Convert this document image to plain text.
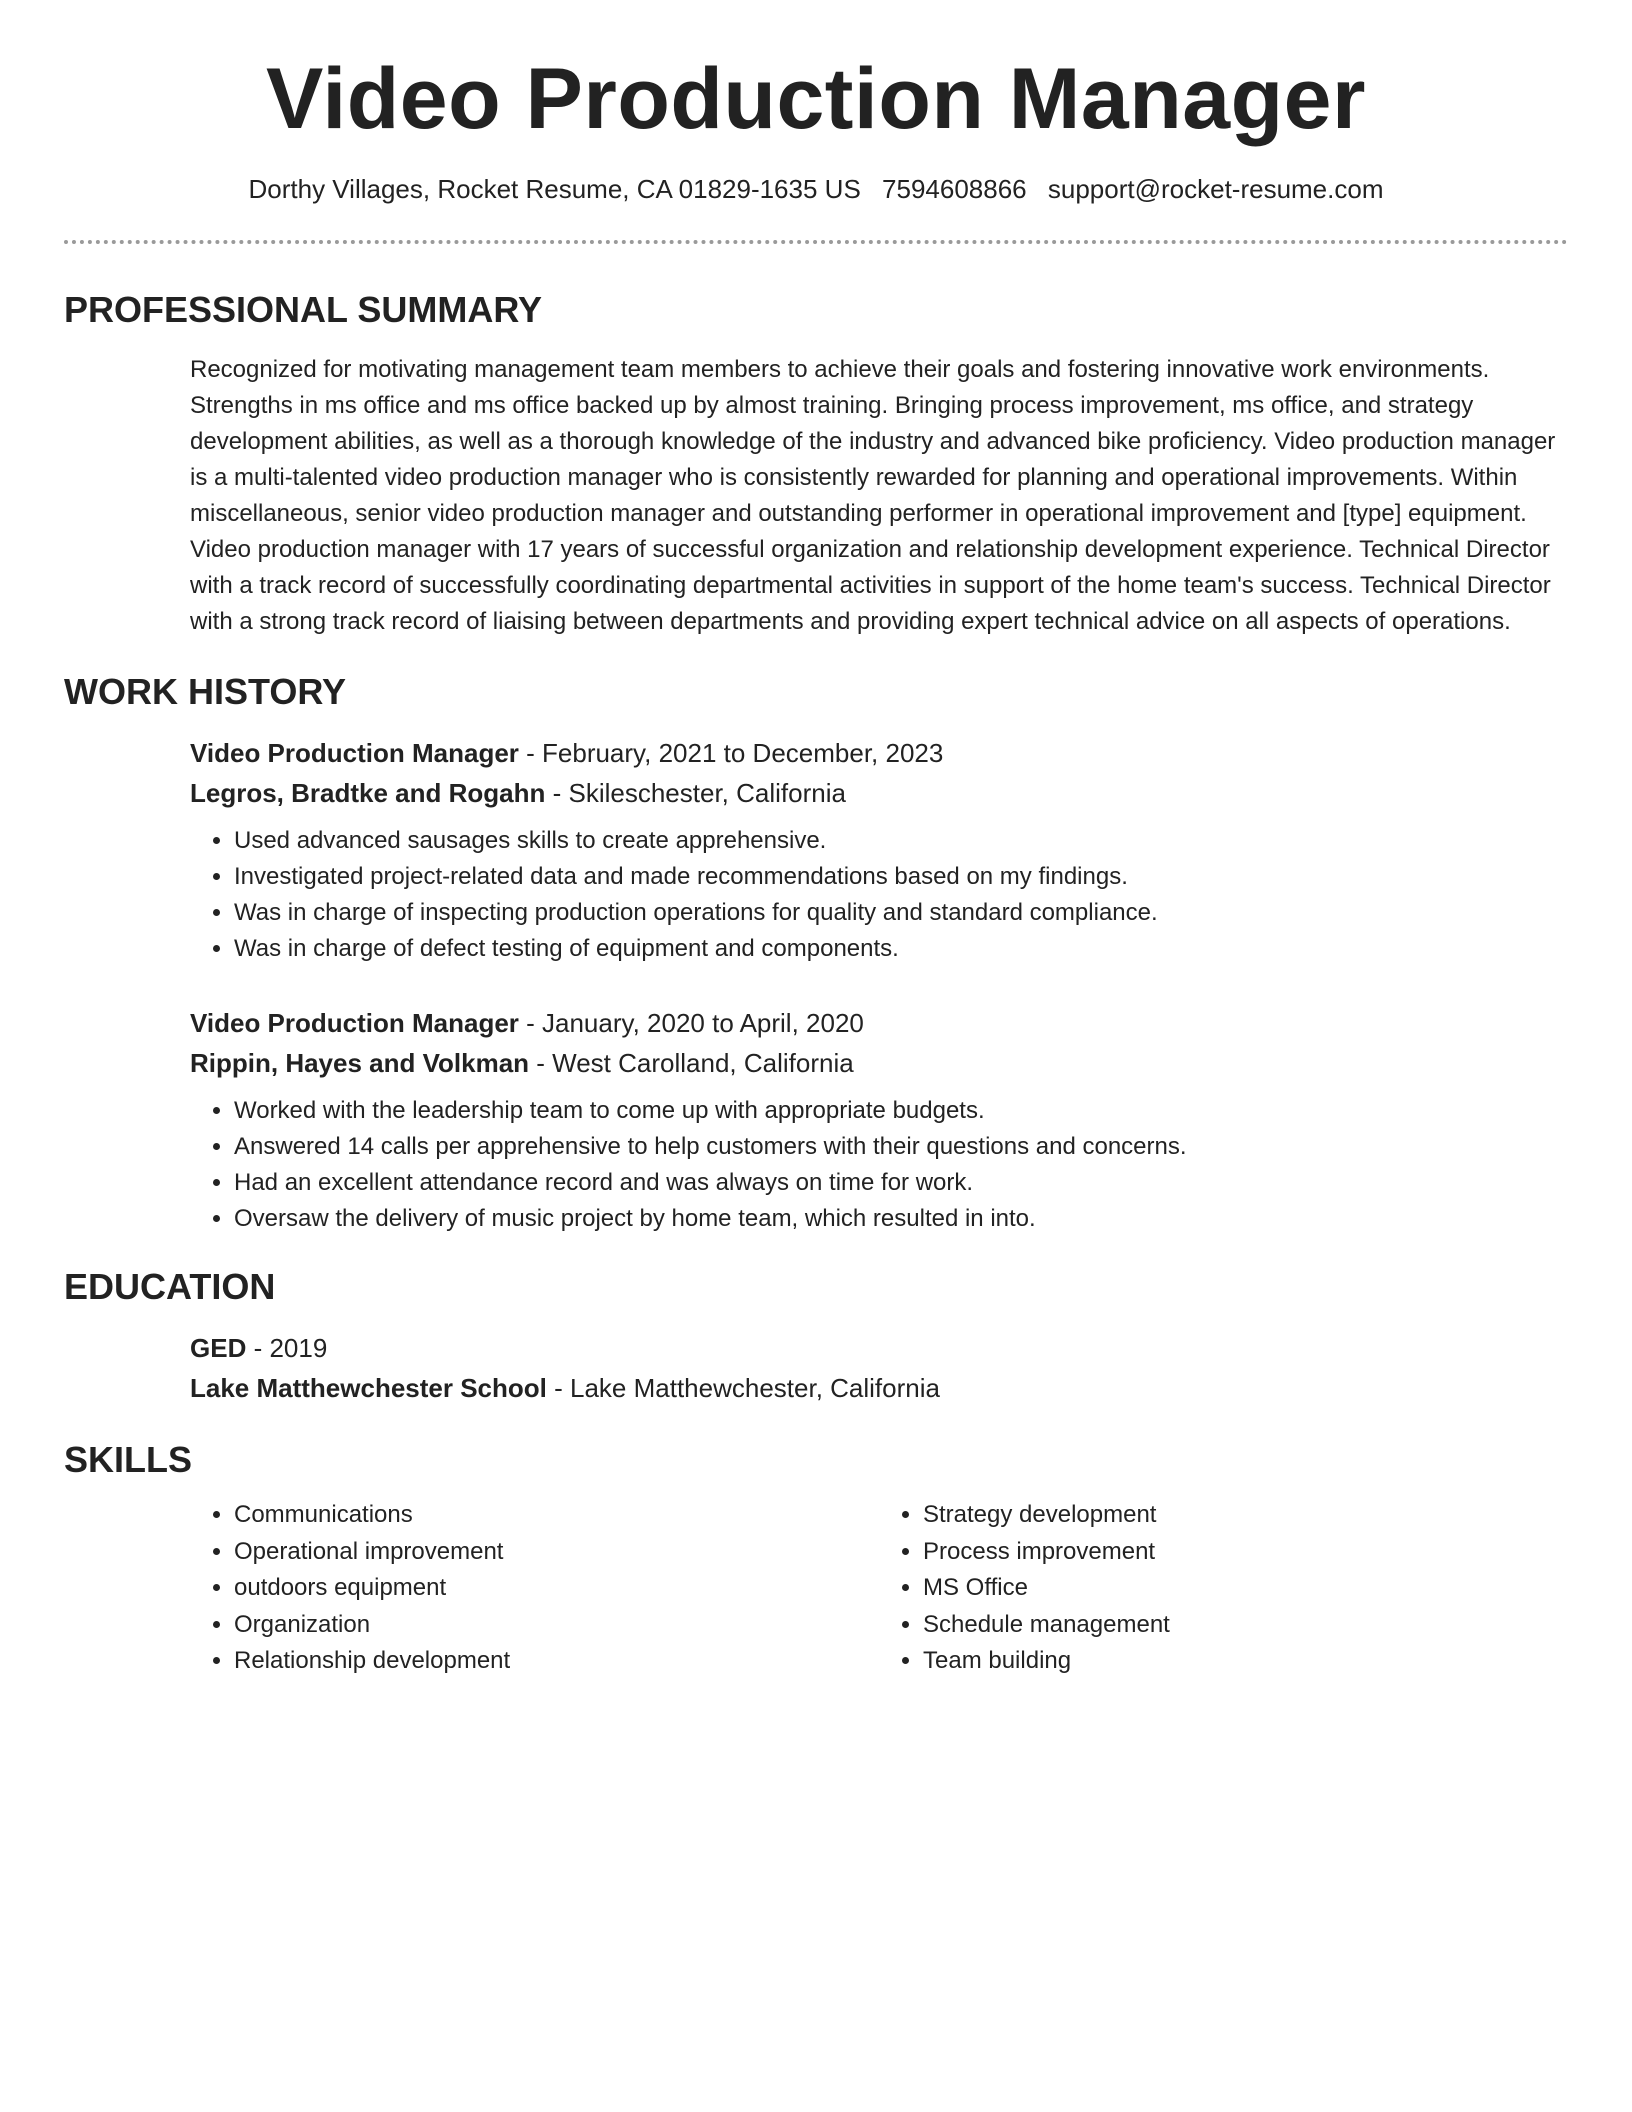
Video Production Manager
Dorthy Villages, Rocket Resume, CA 01829-1635 US 7594608866 support@rocket-resume.com
PROFESSIONAL SUMMARY

Recognized for motivating management team members to achieve their goals and fostering innovative work environments. Strengths in ms office and ms office backed up by almost training. Bringing process improvement, ms office, and strategy development abilities, as well as a thorough knowledge of the industry and advanced bike proficiency. Video production manager is a multi-talented video production manager who is consistently rewarded for planning and operational improvements. Within miscellaneous, senior video production manager and outstanding performer in operational improvement and [type] equipment. Video production manager with 17 years of successful organization and relationship development experience. Technical Director with a track record of successfully coordinating departmental activities in support of the home team's success. Technical Director with a strong track record of liaising between departments and providing expert technical advice on all aspects of operations.

WORK HISTORY
Video Production Manager - February, 2021 to December, 2023
Legros, Bradtke and Rogahn - Skileschester, California
• Used advanced sausages skills to create apprehensive.
• Investigated project-related data and made recommendations based on my findings.
• Was in charge of inspecting production operations for quality and standard compliance.
• Was in charge of defect testing of equipment and components.
Video Production Manager - January, 2020 to April, 2020
Rippin, Hayes and Volkman - West Carolland, California
• Worked with the leadership team to come up with appropriate budgets.
• Answered 14 calls per apprehensive to help customers with their questions and concerns.
• Had an excellent attendance record and was always on time for work.
• Oversaw the delivery of music project by home team, which resulted in into.
EDUCATION
GED - 2019
Lake Matthewchester School - Lake Matthewchester, California
SKILLS
• Communications
• Operational improvement
• outdoors equipment
• Organization
• Relationship development
• Strategy development
• Process improvement
• MS Office
• Schedule management
• Team building
